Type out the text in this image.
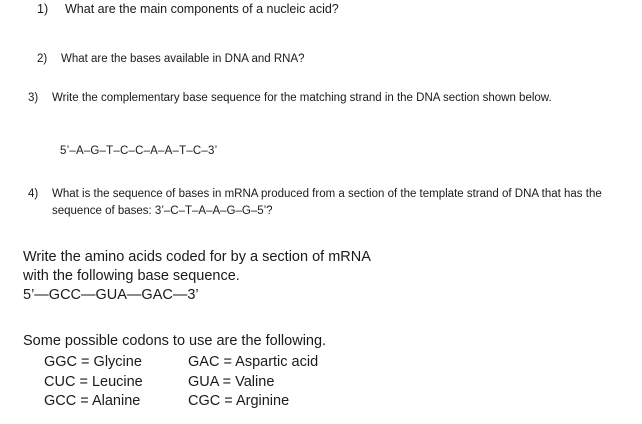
1) What are the main components of a nucleic acid?
2) What are the bases available in DNA and RNA?
3) Write the complementary base sequence for the matching strand in the DNA section shown below.
5’–A–G–T–C–C–A–A–T–C–3’
4) What is the sequence of bases in mRNA produced from a section of the template strand of DNA that has the sequence of bases: 3’–C–T–A–A–G–G–5’?
Write the amino acids coded for by a section of mRNA
with the following base sequence.
5’—GCC—GUA—GAC—3’
Some possible codons to use are the following.
GGC = Glycine	GAC = Aspartic acid
CUC = Leucine	GUA = Valine
GCC = Alanine	CGC = Arginine
